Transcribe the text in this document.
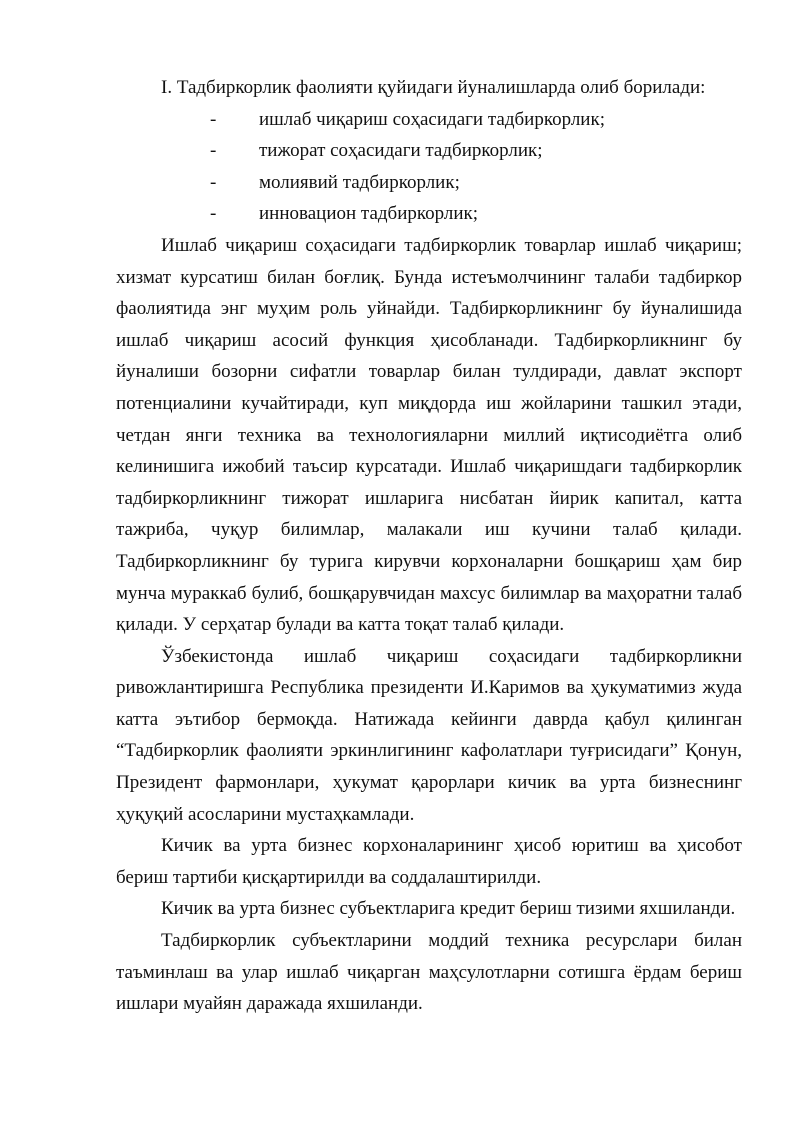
I. Тадбиркорлик фаолияти қуйидаги йуналишларда олиб борилади:

- ишлаб чиқариш соҳасидаги тадбиркорлик;
- тижорат соҳасидаги тадбиркорлик;
- молиявий тадбиркорлик;
- инновацион тадбиркорлик;

Ишлаб чиқариш соҳасидаги тадбиркорлик товарлар ишлаб чиқариш; хизмат курсатиш билан боғлиқ. Бунда истеъмолчининг талаби тадбиркор фаолиятида энг муҳим роль уйнайди. Тадбиркорликнинг бу йуналишида ишлаб чиқариш асосий функция ҳисобланади. Тадбиркорликнинг бу йуналиши бозорни сифатли товарлар билан тулдиради, давлат экспорт потенциалини кучайтиради, куп миқдорда иш жойларини ташкил этади, четдан янги техника ва технологияларни миллий иқтисодиётга олиб келинишига ижобий таъсир курсатади. Ишлаб чиқаришдаги тадбиркорлик тадбиркорликнинг тижорат ишларига нисбатан йирик капитал, катта тажриба, чуқур билимлар, малакали иш кучини талаб қилади. Тадбиркорликнинг бу турига кирувчи корхоналарни бошқариш ҳам бир мунча мураккаб булиб, бошқарувчидан махсус билимлар ва маҳоратни талаб қилади. У серҳатар булади ва катта тоқат талаб қилади.

Ўзбекистонда ишлаб чиқариш соҳасидаги тадбиркорликни ривожлантиришга Республика президенти И.Каримов ва ҳукуматимиз жуда катта эътибор бермоқда. Натижада кейинги даврда қабул қилинган “Тадбиркорлик фаолияти эркинлигининг кафолатлари туғрисидаги” Қонун, Президент фармонлари, ҳукумат қарорлари кичик ва урта бизнеснинг ҳуқуқий асосларини мустаҳкамлади.

Кичик ва урта бизнес корхоналарининг ҳисоб юритиш ва ҳисобот бериш тартиби қисқартирилди ва соддалаштирилди.

Кичик ва урта бизнес субъектларига кредит бериш тизими яхшиланди.

Тадбиркорлик субъектларини моддий техника ресурслари билан таъминлаш ва улар ишлаб чиқарган маҳсулотларни сотишга ёрдам бериш ишлари муайян даражада яхшиланди.
